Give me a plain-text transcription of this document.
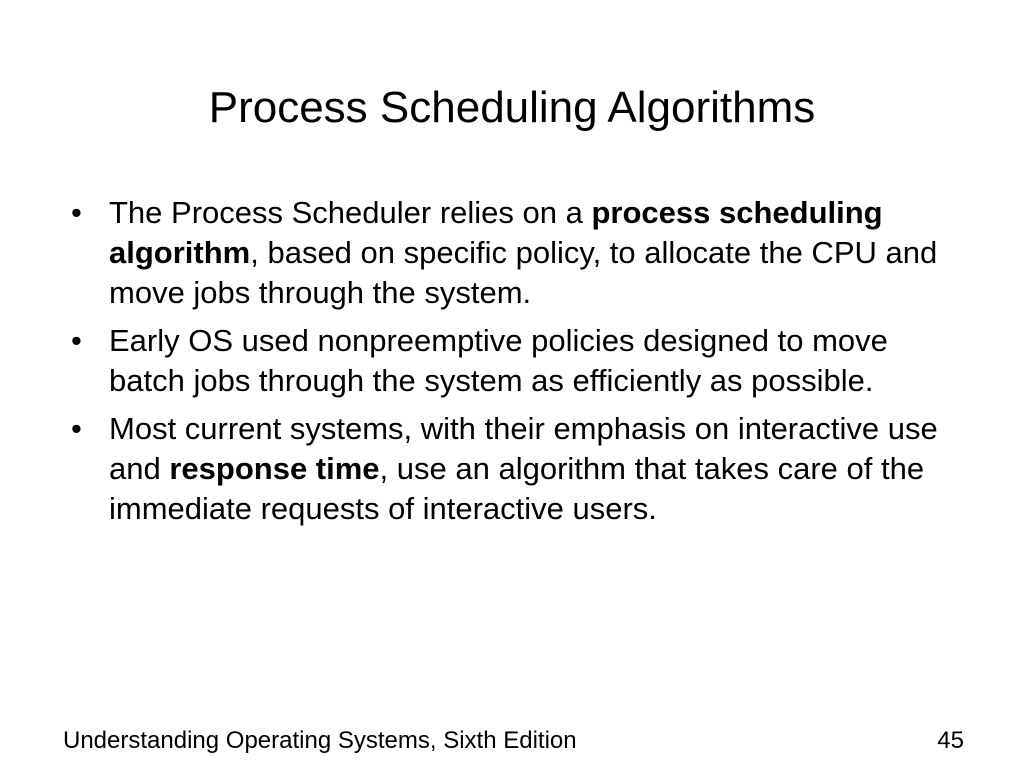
Process Scheduling Algorithms
• The Process Scheduler relies on a process scheduling algorithm, based on specific policy, to allocate the CPU and move jobs through the system.
• Early OS used nonpreemptive policies designed to move batch jobs through the system as efficiently as possible.
• Most current systems, with their emphasis on interactive use and response time, use an algorithm that takes care of the immediate requests of interactive users.
Understanding Operating Systems, Sixth Edition	45
